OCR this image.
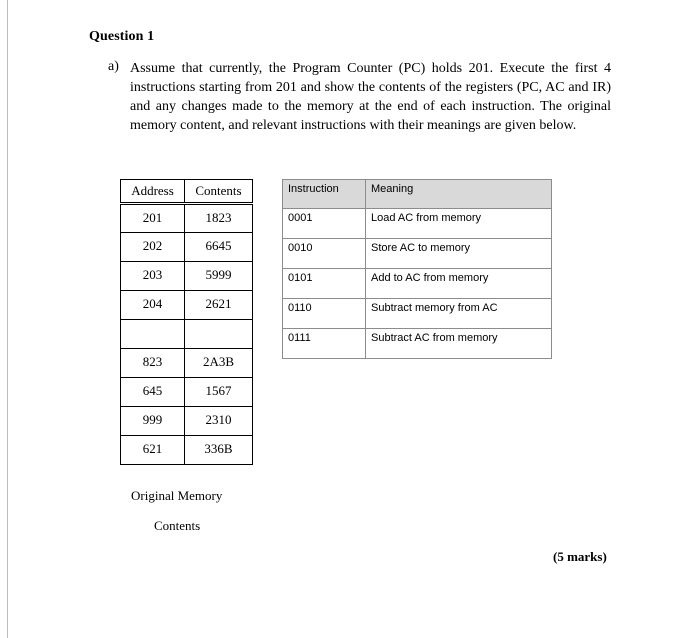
Question 1
a) Assume that currently, the Program Counter (PC) holds 201. Execute the first 4 instructions starting from 201 and show the contents of the registers (PC, AC and IR) and any changes made to the memory at the end of each instruction. The original memory content, and relevant instructions with their meanings are given below.
Address	Contents
201	1823
202	6645
203	5999
204	2621

823	2A3B
645	1567
999	2310
621	336B
Original Memory
Contents
Instruction	Meaning
0001	Load AC from memory
0010	Store AC to memory
0101	Add to AC from memory
0110	Subtract memory from AC
0111	Subtract AC from memory
(5 marks)
